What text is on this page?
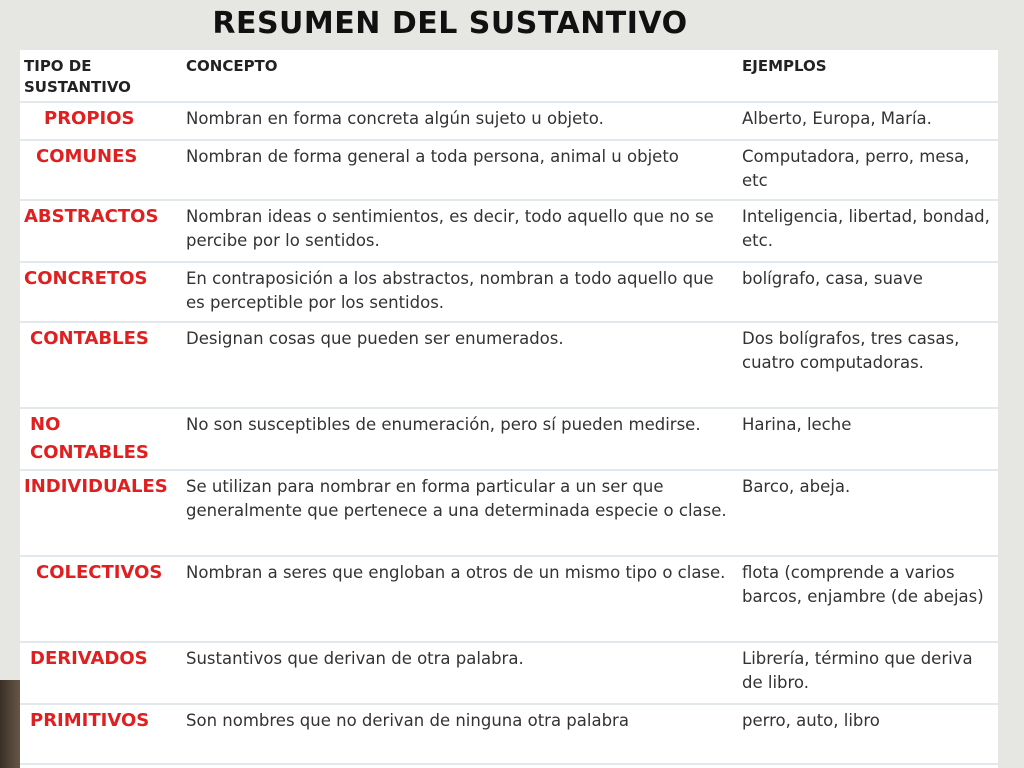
RESUMEN DEL SUSTANTIVO
TIPO DE
SUSTANTIVO	CONCEPTO	EJEMPLOS
PROPIOS	Nombran en forma concreta algún sujeto u objeto.	Alberto, Europa, María.
COMUNES	Nombran de forma general a toda persona, animal u objeto	Computadora, perro, mesa, etc
ABSTRACTOS	Nombran ideas o sentimientos, es decir, todo aquello que no se percibe por lo sentidos.	Inteligencia, libertad, bondad, etc.
CONCRETOS	En contraposición a los abstractos, nombran a todo aquello que es perceptible por los sentidos.	bolígrafo, casa, suave
CONTABLES	Designan cosas que pueden ser enumerados.	Dos bolígrafos, tres casas, cuatro computadoras.
NO
CONTABLES	No son susceptibles de enumeración, pero sí pueden medirse.	Harina, leche
INDIVIDUALES	Se utilizan para nombrar en forma particular a un ser que generalmente que pertenece a una determinada especie o clase.	Barco, abeja.
COLECTIVOS	Nombran a seres que engloban a otros de un mismo tipo o clase.	flota (comprende a varios barcos, enjambre (de abejas)
DERIVADOS	Sustantivos que derivan de otra palabra.	Librería, término que deriva de libro.
PRIMITIVOS	Son nombres que no derivan de ninguna otra palabra	perro, auto, libro
